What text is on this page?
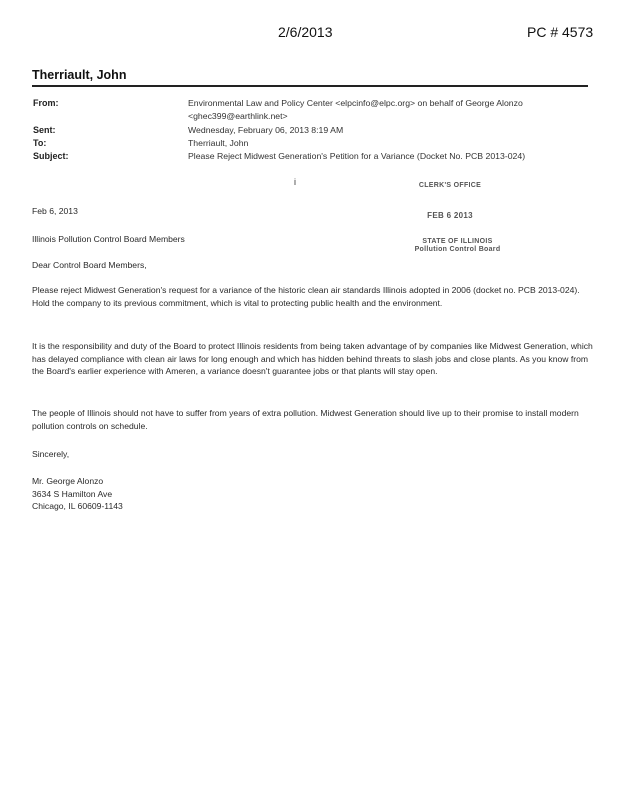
2/6/2013	PC # 4573
Therriault, John
From:	Environmental Law and Policy Center <elpcinfo@elpc.org> on behalf of George Alonzo
<ghec399@earthlink.net>
Sent:	Wednesday, February 06, 2013 8:19 AM
To:	Therriault, John
Subject:	Please Reject Midwest Generation's Petition for a Variance (Docket No. PCB 2013-024)
i	CLERK'S OFFICE
FEB 6 2013
STATE OF ILLINOIS
Pollution Control Board
Feb 6, 2013
Illinois Pollution Control Board Members
Dear Control Board Members,
Please reject Midwest Generation's request for a variance of the historic clean air standards Illinois adopted in 2006 (docket no. PCB 2013-024). Hold the company to its previous commitment, which is vital to protecting public health and the environment.
It is the responsibility and duty of the Board to protect Illinois residents from being taken advantage of by companies like Midwest Generation, which has delayed compliance with clean air laws for long enough and which has hidden behind threats to slash jobs and close plants. As you know from the Board's earlier experience with Ameren, a variance doesn't guarantee jobs or that plants will stay open.
The people of Illinois should not have to suffer from years of extra pollution. Midwest Generation should live up to their promise to install modern pollution controls on schedule.
Sincerely,
Mr. George Alonzo
3634 S Hamilton Ave
Chicago, IL 60609-1143
